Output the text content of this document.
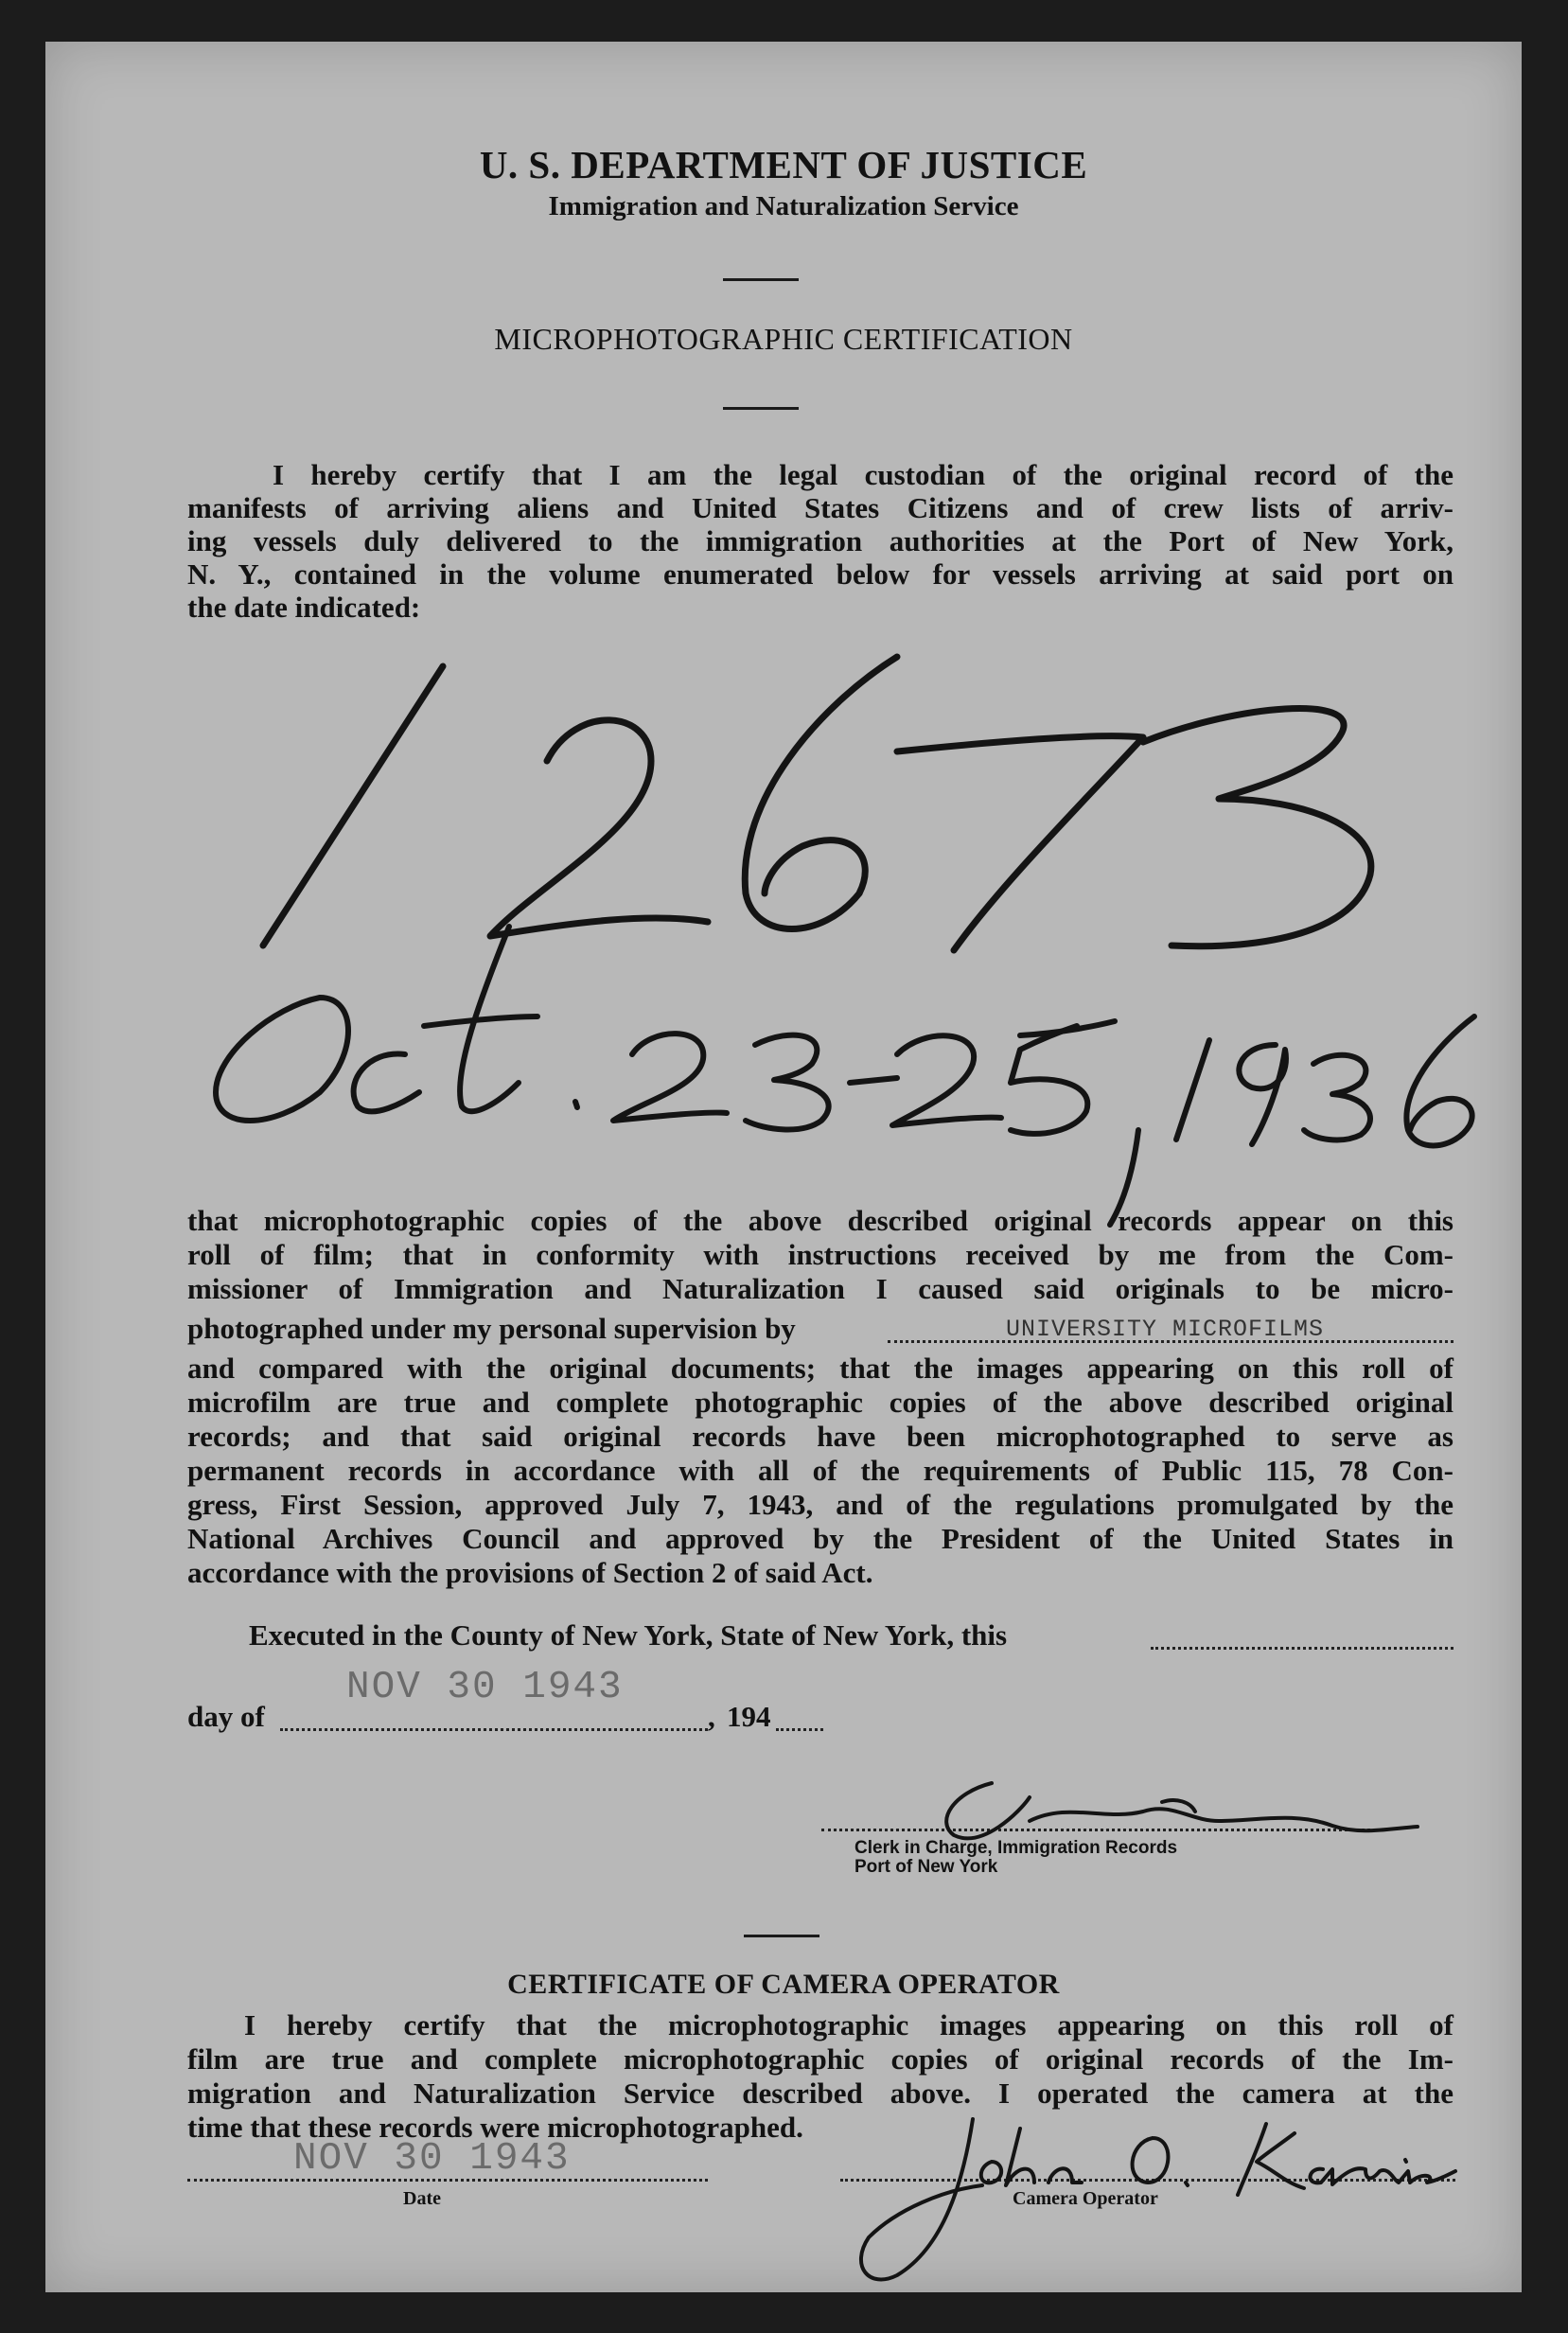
U. S. DEPARTMENT OF JUSTICE
Immigration and Naturalization Service
MICROPHOTOGRAPHIC CERTIFICATION
I hereby certify that I am the legal custodian of the original record of the
manifests of arriving aliens and United States Citizens and of crew lists of arriv-
ing vessels duly delivered to the immigration authorities at the Port of New York,
N. Y., contained in the volume enumerated below for vessels arriving at said port on
the date indicated:
that microphotographic copies of the above described original records appear on this
roll of film; that in conformity with instructions received by me from the Com-
missioner of Immigration and Naturalization I caused said originals to be micro-
photographed under my personal supervision by	UNIVERSITY MICROFILMS
and compared with the original documents; that the images appearing on this roll of
microfilm are true and complete photographic copies of the above described original
records; and that said original records have been microphotographed to serve as
permanent records in accordance with all of the requirements of Public 115, 78 Con-
gress, First Session, approved July 7, 1943, and of the regulations promulgated by the
National Archives Council and approved by the President of the United States in
accordance with the provisions of Section 2 of said Act.
Executed in the County of New York, State of New York, this
day of
NOV 30 1943
, 194
Clerk in Charge, Immigration Records
Port of New York
CERTIFICATE OF CAMERA OPERATOR
I hereby certify that the microphotographic images appearing on this roll of
film are true and complete microphotographic copies of original records of the Im-
migration and Naturalization Service described above. I operated the camera at the
time that these records were microphotographed.
NOV 30 1943
Date	Camera Operator
